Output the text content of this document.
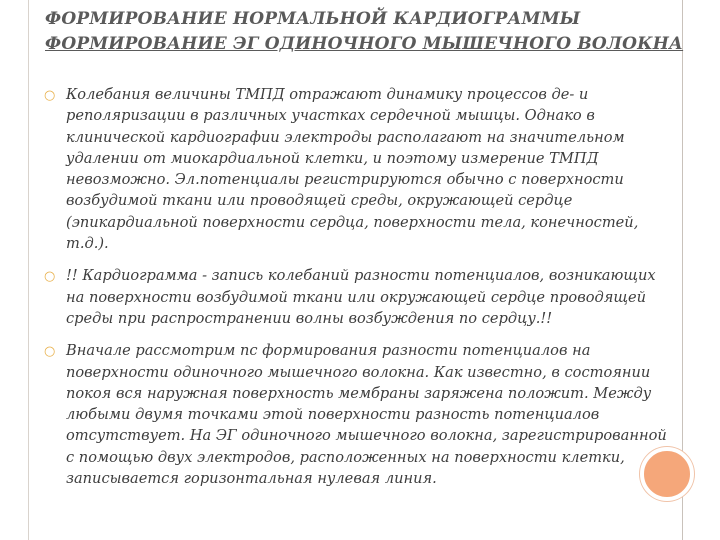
ФОРМИРОВАНИЕ НОРМАЛЬНОЙ КАРДИОГРАММЫ
ФОРМИРОВАНИЕ ЭГ ОДИНОЧНОГО МЫШЕЧНОГО ВОЛОКНА
○ Колебания величины ТМПД отражают динамику процессов де- и реполяризации в различных участках сердечной мышцы. Однако в клинической кардиографии электроды располагают на значительном удалении от миокардиальной клетки, и поэтому измерение ТМПД невозможно. Эл.потенциалы регистрируются обычно с поверхности возбудимой ткани или проводящей среды, окружающей сердце (эпикардиальной поверхности сердца, поверхности тела, конечностей, т.д.).
○ !! Кардиограмма - запись колебаний разности потенциалов, возникающих на поверхности возбудимой ткани или окружающей сердце проводящей среды при распространении волны возбуждения по сердцу.!!
○ Вначале рассмотрим пс формирования разности потенциалов на поверхности одиночного мышечного волокна. Как известно, в состоянии покоя вся наружная поверхность мембраны заряжена положит. Между любыми двумя точками этой поверхности разность потенциалов отсутствует. На ЭГ одиночного мышечного волокна, зарегистрированной с помощью двух электродов, расположенных на поверхности клетки, записывается горизонтальная нулевая линия.
